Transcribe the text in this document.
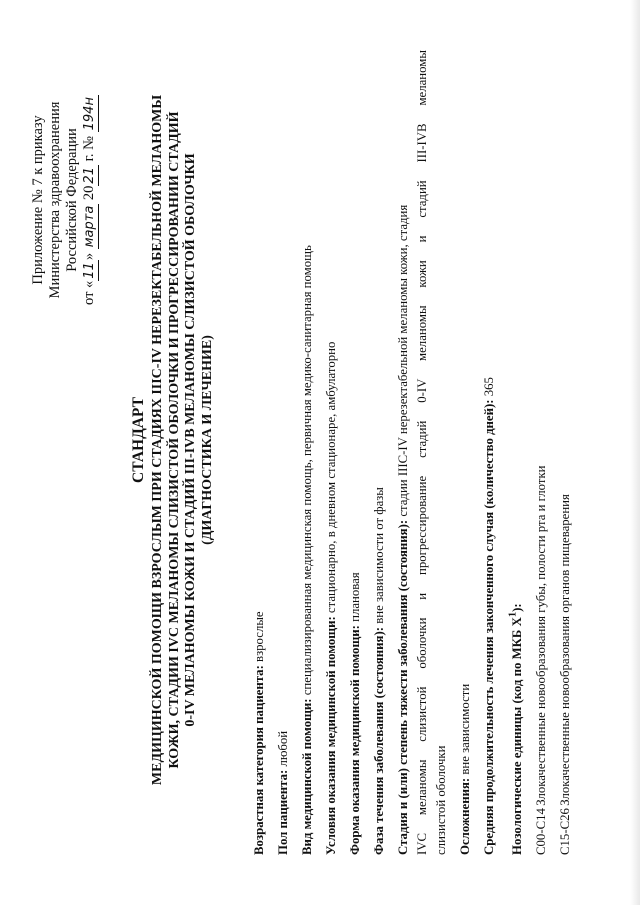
Приложение № 7 к приказу Министерства здравоохранения Российской Федерации
от «11» марта 2021 г. № 194н
СТАНДАРТ МЕДИЦИНСКОЙ ПОМОЩИ ВЗРОСЛЫМ ПРИ СТАДИЯХ IIIC-IV НЕРЕЗЕКТАБЕЛЬНОЙ МЕЛАНОМЫ КОЖИ, СТАДИИ IVC МЕЛАНОМЫ СЛИЗИСТОЙ ОБОЛОЧКИ И ПРОГРЕССИРОВАНИИ СТАДИЙ 0-IV МЕЛАНОМЫ КОЖИ И СТАДИЙ III-IVB МЕЛАНОМЫ СЛИЗИСТОЙ ОБОЛОЧКИ (ДИАГНОСТИКА И ЛЕЧЕНИЕ)
Возрастная категория пациента: взрослые
Пол пациента: любой Вид медицинской помощи: специализированная медицинская помощь, первичная медико-санитарная помощь
Условия оказания медицинской помощи: стационарно, в дневном стационаре, амбулаторно
Форма оказания медицинской помощи: плановая
Фаза течения заболевания (состояния): вне зависимости от фазы Стадия и (или) степень тяжести заболевания (состояния): стадии IIIC-IV нерезектабельной меланомы кожи, стадия IVC меланомы слизистой оболочки и прогрессирование стадий 0-IV меланомы кожи и стадий III-IVB меланомы слизистой оболочки Осложнения: вне зависимости Средняя продолжительность лечения законченного случая (количество дней): 365
Нозологические единицы (код по МКБ $X^1$):
C00-C14 Злокачественные новообразования губы, полости рта и глотки
C15-C26 Злокачественные новообразования органов пищеварения
